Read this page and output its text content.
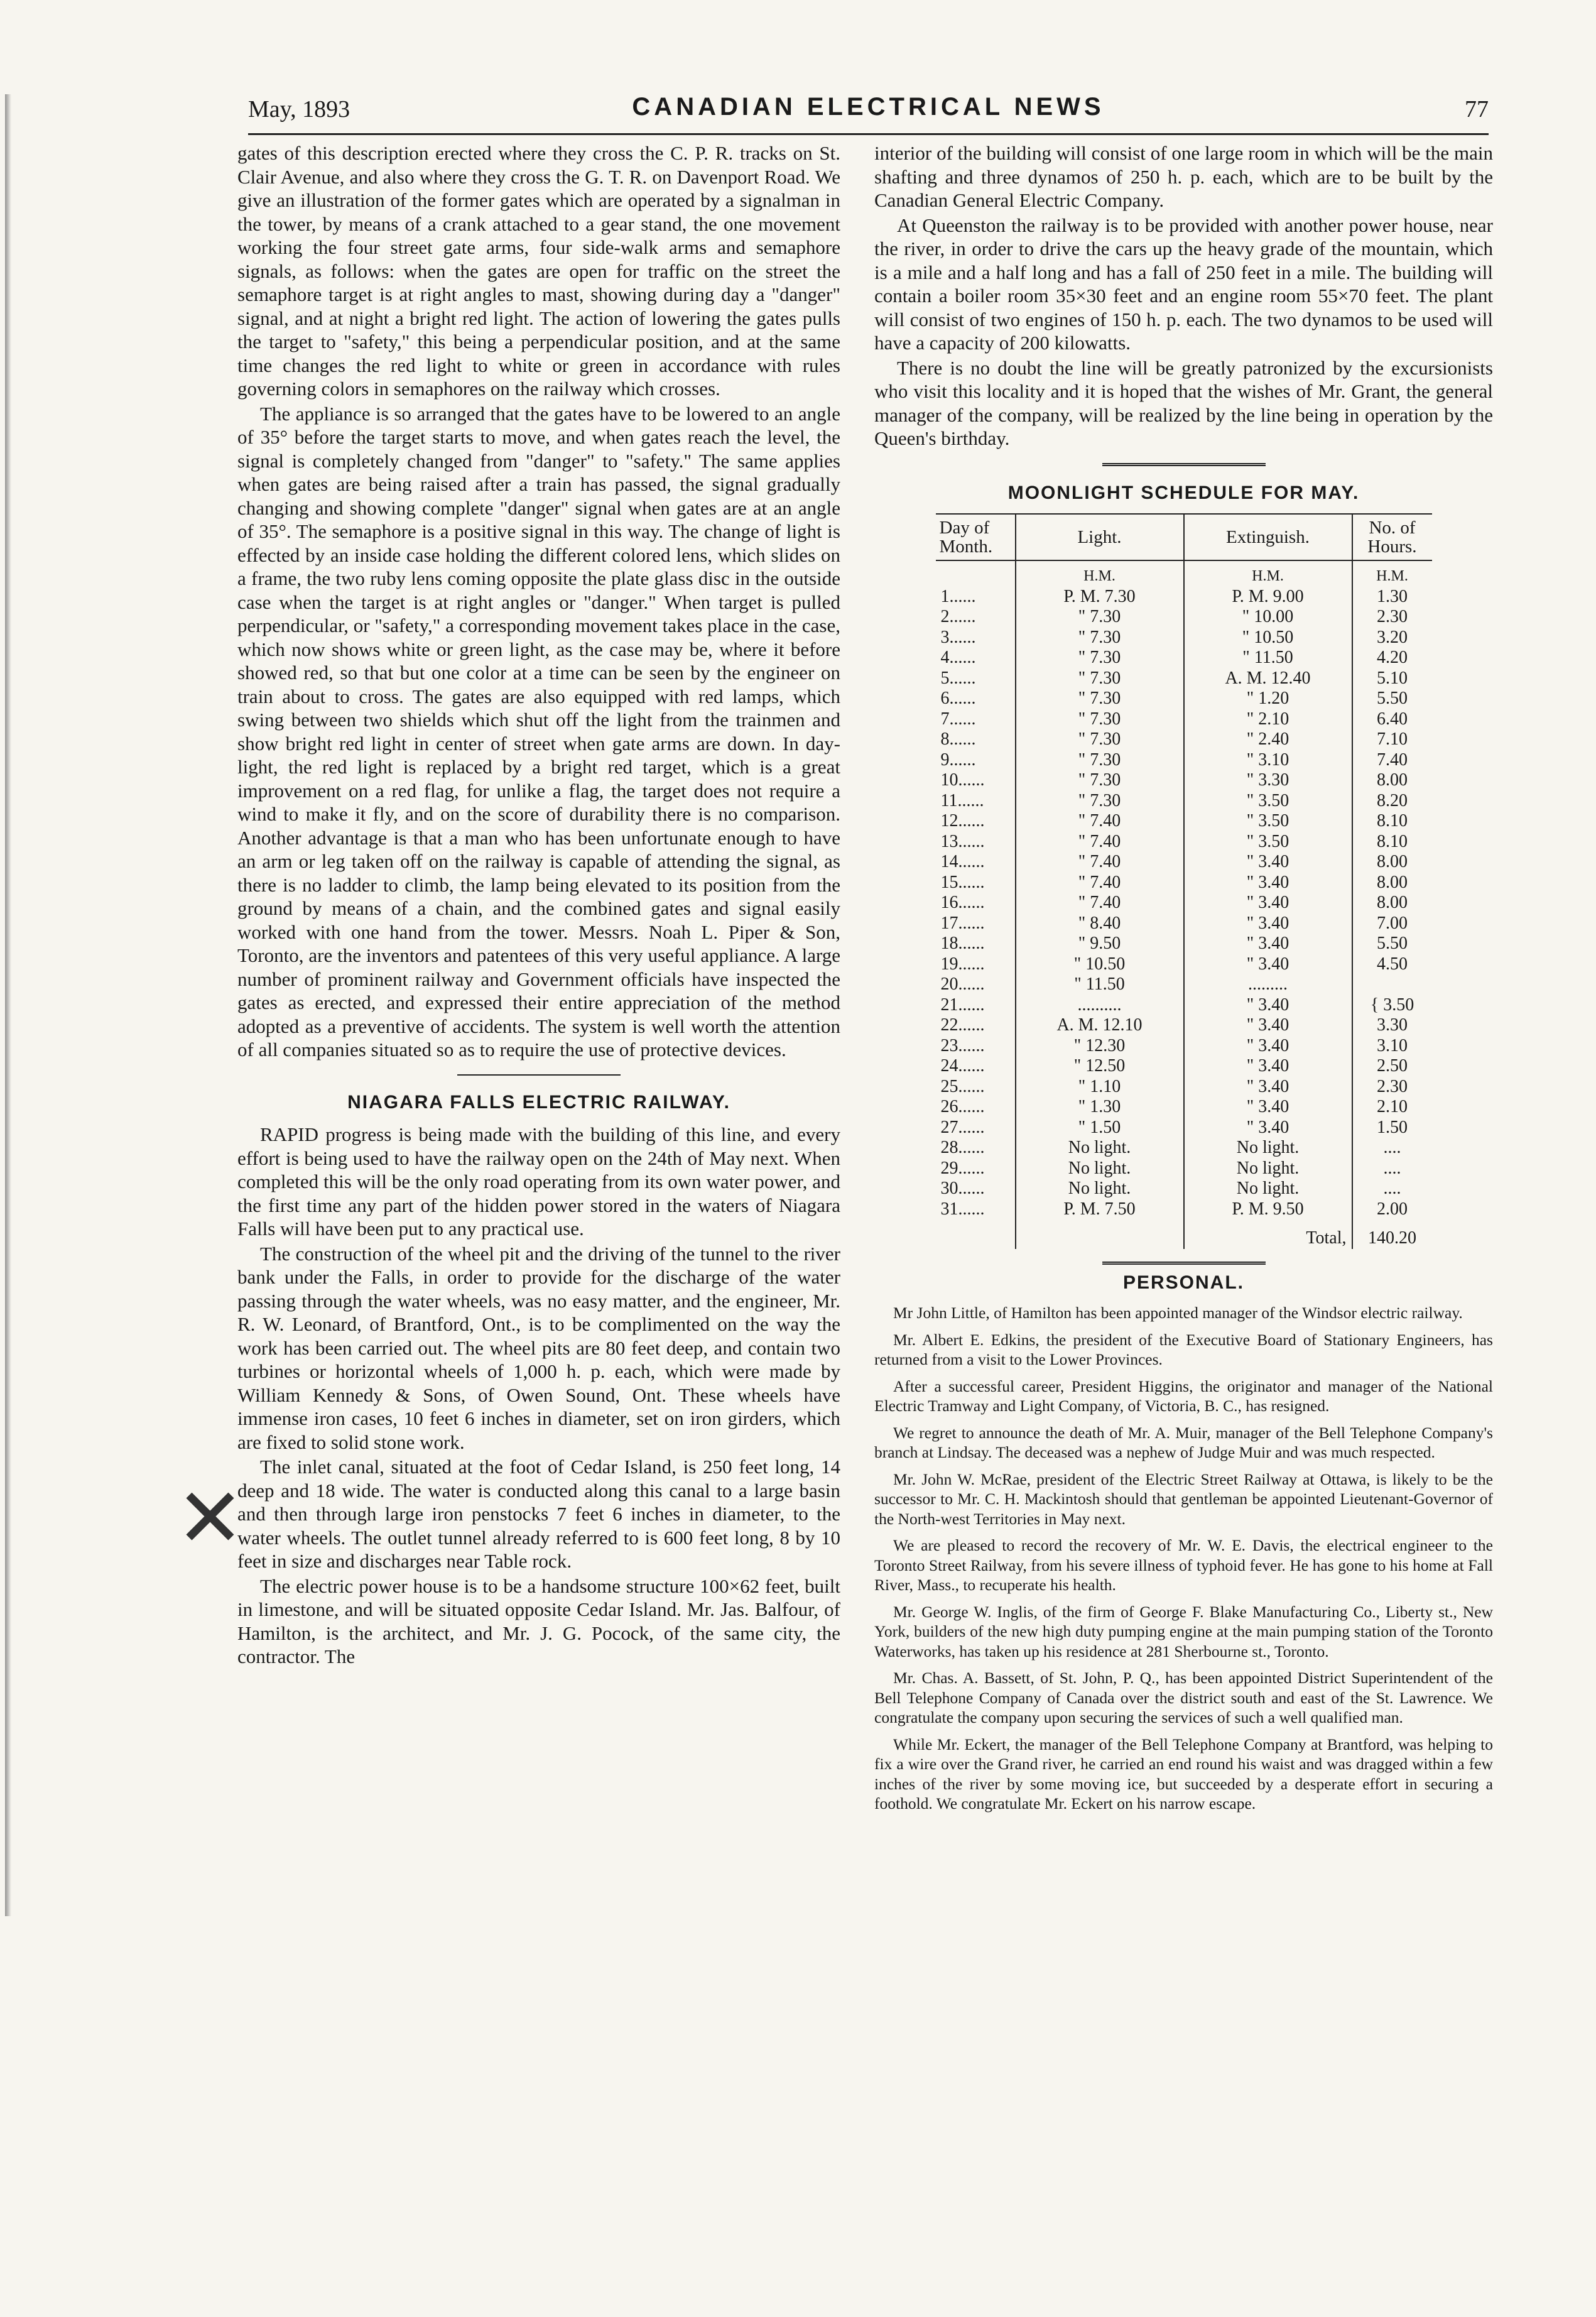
May, 1893	CANADIAN ELECTRICAL NEWS	77
✕

gates of this description erected where they cross the C. P. R. tracks on St. Clair Avenue, and also where they cross the G. T. R. on Davenport Road. We give an illustration of the former gates which are operated by a signalman in the tower, by means of a crank attached to a gear stand, the one movement working the four street gate arms, four side-walk arms and semaphore signals, as follows: when the gates are open for traffic on the street the semaphore target is at right angles to mast, showing during day a "danger" signal, and at night a bright red light. The action of lowering the gates pulls the target to "safety," this being a perpendicular position, and at the same time changes the red light to white or green in accordance with rules governing colors in semaphores on the railway which crosses.

The appliance is so arranged that the gates have to be lowered to an angle of 35° before the target starts to move, and when gates reach the level, the signal is completely changed from "danger" to "safety." The same applies when gates are being raised after a train has passed, the signal gradually changing and showing complete "danger" signal when gates are at an angle of 35°. The semaphore is a positive signal in this way. The change of light is effected by an inside case holding the different colored lens, which slides on a frame, the two ruby lens coming opposite the plate glass disc in the outside case when the target is at right angles or "danger." When target is pulled perpendicular, or "safety," a corresponding movement takes place in the case, which now shows white or green light, as the case may be, where it before showed red, so that but one color at a time can be seen by the engineer on train about to cross. The gates are also equipped with red lamps, which swing between two shields which shut off the light from the trainmen and show bright red light in center of street when gate arms are down. In day-light, the red light is replaced by a bright red target, which is a great improvement on a red flag, for unlike a flag, the target does not require a wind to make it fly, and on the score of durability there is no comparison. Another advantage is that a man who has been unfortunate enough to have an arm or leg taken off on the railway is capable of attending the signal, as there is no ladder to climb, the lamp being elevated to its position from the ground by means of a chain, and the combined gates and signal easily worked with one hand from the tower. Messrs. Noah L. Piper & Son, Toronto, are the inventors and patentees of this very useful appliance. A large number of prominent railway and Government officials have inspected the gates as erected, and expressed their entire appreciation of the method adopted as a preventive of accidents. The system is well worth the attention of all companies situated so as to require the use of protective devices.

NIAGARA FALLS ELECTRIC RAILWAY.

RAPID progress is being made with the building of this line, and every effort is being used to have the railway open on the 24th of May next. When completed this will be the only road operating from its own water power, and the first time any part of the hidden power stored in the waters of Niagara Falls will have been put to any practical use.

The construction of the wheel pit and the driving of the tunnel to the river bank under the Falls, in order to provide for the discharge of the water passing through the water wheels, was no easy matter, and the engineer, Mr. R. W. Leonard, of Brantford, Ont., is to be complimented on the way the work has been carried out. The wheel pits are 80 feet deep, and contain two turbines or horizontal wheels of 1,000 h. p. each, which were made by William Kennedy & Sons, of Owen Sound, Ont. These wheels have immense iron cases, 10 feet 6 inches in diameter, set on iron girders, which are fixed to solid stone work.

The inlet canal, situated at the foot of Cedar Island, is 250 feet long, 14 deep and 18 wide. The water is conducted along this canal to a large basin and then through large iron penstocks 7 feet 6 inches in diameter, to the water wheels. The outlet tunnel already referred to is 600 feet long, 8 by 10 feet in size and discharges near Table rock.

The electric power house is to be a handsome structure 100×62 feet, built in limestone, and will be situated opposite Cedar Island. Mr. Jas. Balfour, of Hamilton, is the architect, and Mr. J. G. Pocock, of the same city, the contractor. The

interior of the building will consist of one large room in which will be the main shafting and three dynamos of 250 h. p. each, which are to be built by the Canadian General Electric Company.

At Queenston the railway is to be provided with another power house, near the river, in order to drive the cars up the heavy grade of the mountain, which is a mile and a half long and has a fall of 250 feet in a mile. The building will contain a boiler room 35×30 feet and an engine room 55×70 feet. The plant will consist of two engines of 150 h. p. each. The two dynamos to be used will have a capacity of 200 kilowatts.

There is no doubt the line will be greatly patronized by the excursionists who visit this locality and it is hoped that the wishes of Mr. Grant, the general manager of the company, will be realized by the line being in operation by the Queen's birthday.

MOONLIGHT SCHEDULE FOR MAY.
Day of Month.	Light.	Extinguish.	No. of Hours.
	H.M.	H.M.	H.M.
1......	P. M. 7.30	P. M. 9.00	1.30
2......	" 7.30	" 10.00	2.30
3......	" 7.30	" 10.50	3.20
4......	" 7.30	" 11.50	4.20
5......	" 7.30	A. M. 12.40	5.10
6......	" 7.30	" 1.20	5.50
7......	" 7.30	" 2.10	6.40
8......	" 7.30	" 2.40	7.10
9......	" 7.30	" 3.10	7.40
10......	" 7.30	" 3.30	8.00
11......	" 7.30	" 3.50	8.20
12......	" 7.40	" 3.50	8.10
13......	" 7.40	" 3.50	8.10
14......	" 7.40	" 3.40	8.00
15......	" 7.40	" 3.40	8.00
16......	" 7.40	" 3.40	8.00
17......	" 8.40	" 3.40	7.00
18......	" 9.50	" 3.40	5.50
19......	" 10.50	" 3.40	4.50
20......	" 11.50	.........	
21......	..........	" 3.40	{ 3.50
22......	A. M. 12.10	" 3.40	3.30
23......	" 12.30	" 3.40	3.10
24......	" 12.50	" 3.40	2.50
25......	" 1.10	" 3.40	2.30
26......	" 1.30	" 3.40	2.10
27......	" 1.50	" 3.40	1.50
28......	No light.	No light.	....
29......	No light.	No light.	....
30......	No light.	No light.	....
31......	P. M. 7.50	P. M. 9.50	2.00
		Total,	140.20
PERSONAL.

Mr John Little, of Hamilton has been appointed manager of the Windsor electric railway.

Mr. Albert E. Edkins, the president of the Executive Board of Stationary Engineers, has returned from a visit to the Lower Provinces.

After a successful career, President Higgins, the originator and manager of the National Electric Tramway and Light Company, of Victoria, B. C., has resigned.

We regret to announce the death of Mr. A. Muir, manager of the Bell Telephone Company's branch at Lindsay. The deceased was a nephew of Judge Muir and was much respected.

Mr. John W. McRae, president of the Electric Street Railway at Ottawa, is likely to be the successor to Mr. C. H. Mackintosh should that gentleman be appointed Lieutenant-Governor of the North-west Territories in May next.

We are pleased to record the recovery of Mr. W. E. Davis, the electrical engineer to the Toronto Street Railway, from his severe illness of typhoid fever. He has gone to his home at Fall River, Mass., to recuperate his health.

Mr. George W. Inglis, of the firm of George F. Blake Manufacturing Co., Liberty st., New York, builders of the new high duty pumping engine at the main pumping station of the Toronto Waterworks, has taken up his residence at 281 Sherbourne st., Toronto.

Mr. Chas. A. Bassett, of St. John, P. Q., has been appointed District Superintendent of the Bell Telephone Company of Canada over the district south and east of the St. Lawrence. We congratulate the company upon securing the services of such a well qualified man.

While Mr. Eckert, the manager of the Bell Telephone Company at Brantford, was helping to fix a wire over the Grand river, he carried an end round his waist and was dragged within a few inches of the river by some moving ice, but succeeded by a desperate effort in securing a foothold. We congratulate Mr. Eckert on his narrow escape.
